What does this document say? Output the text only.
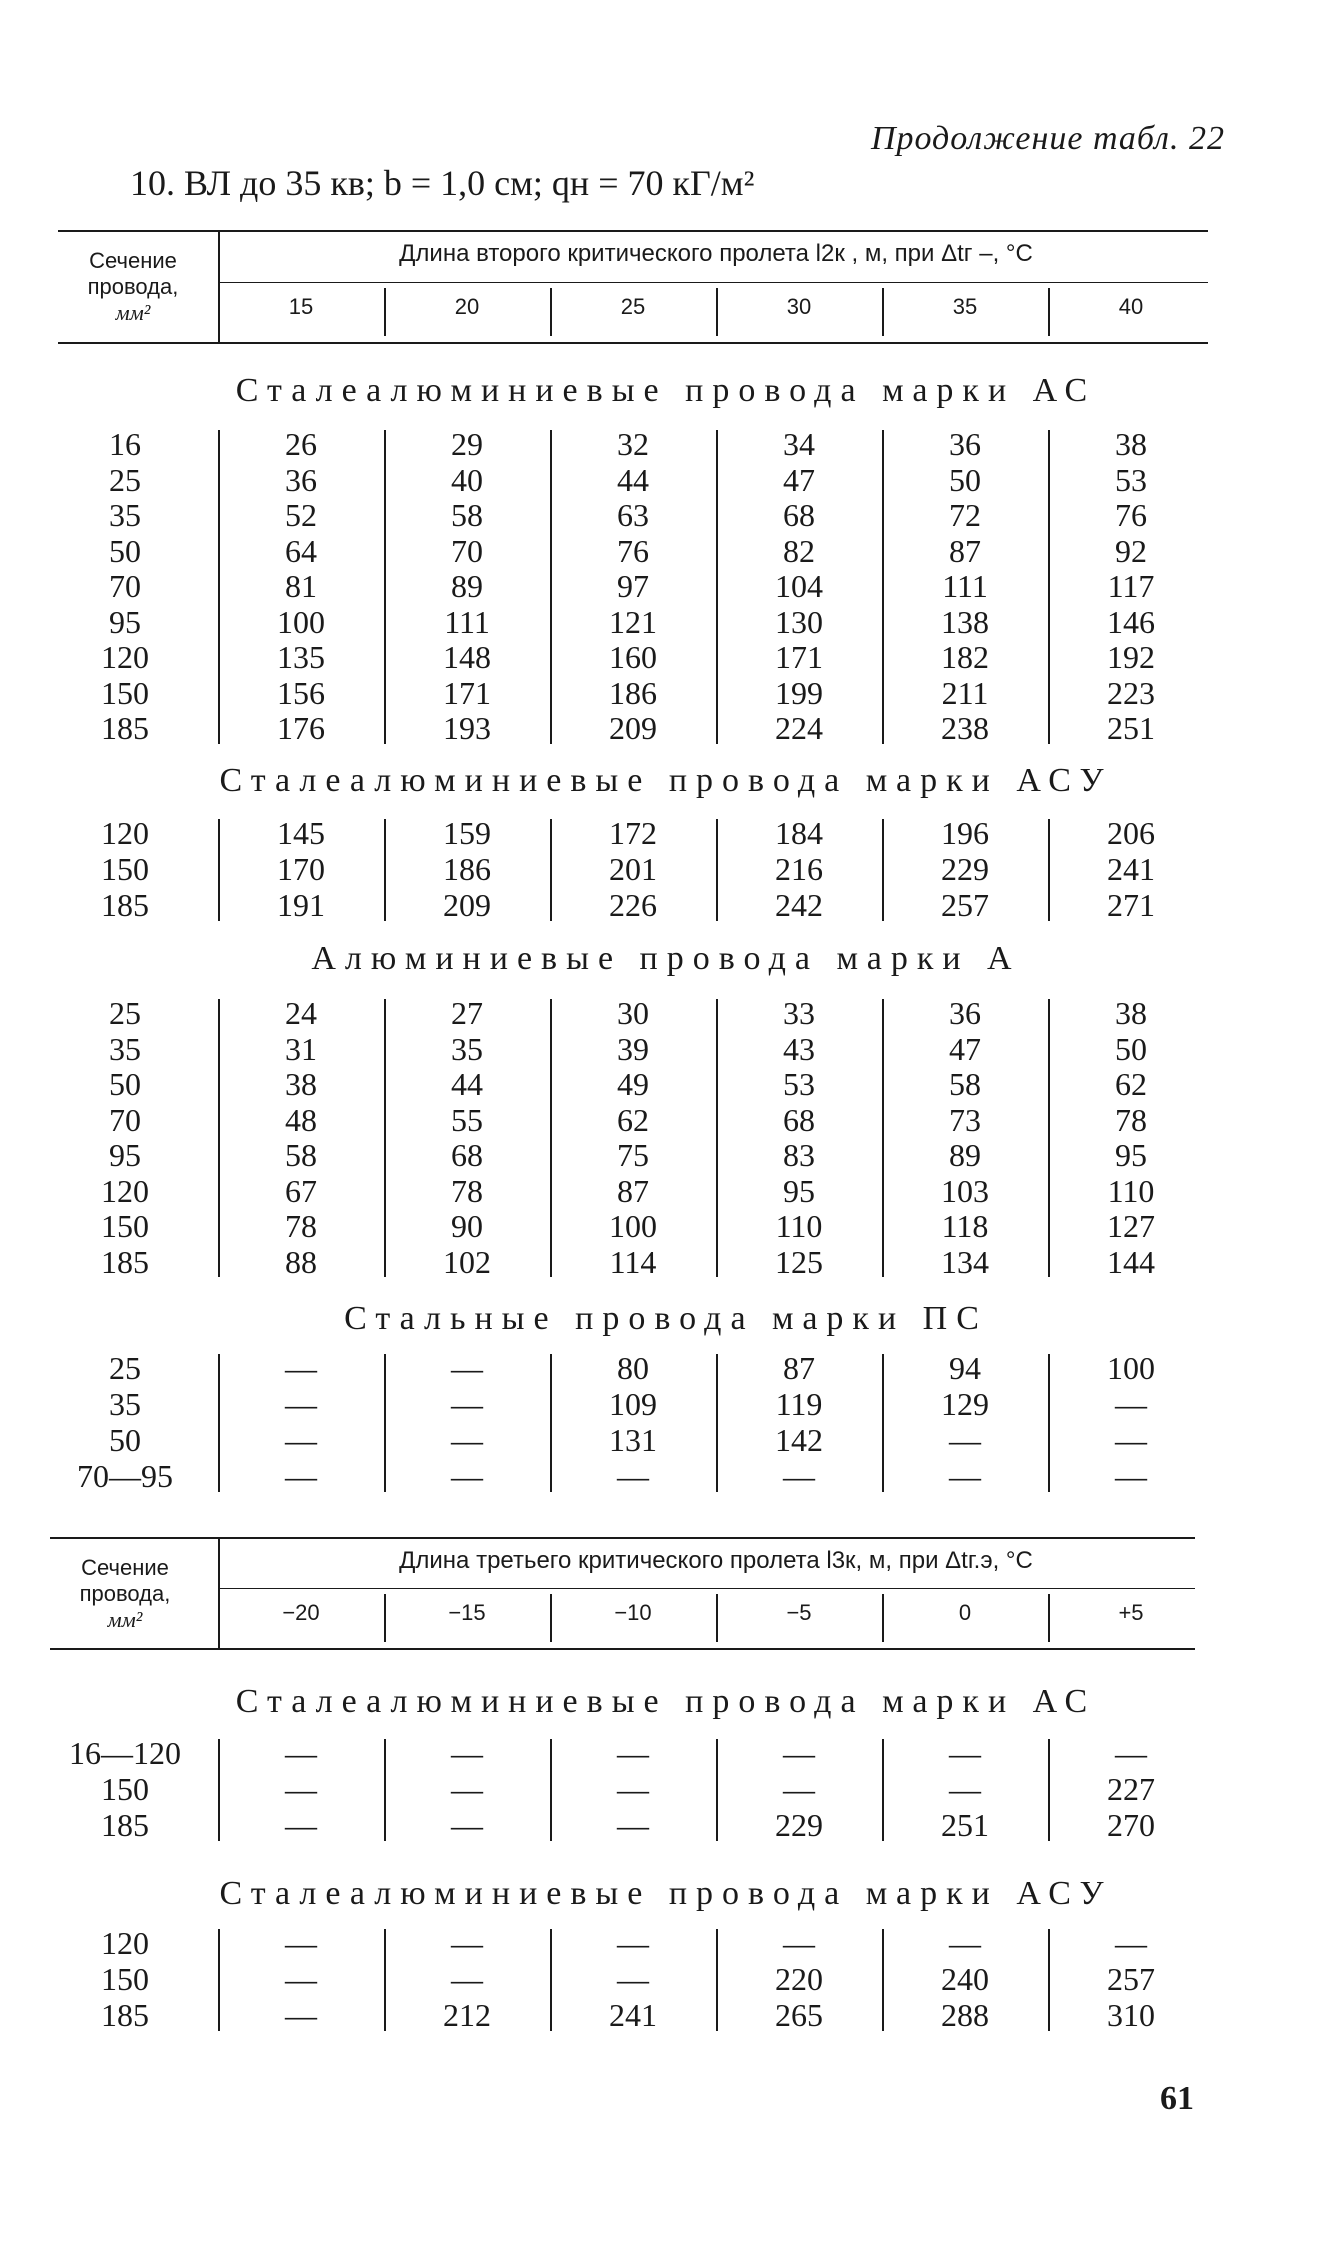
Продолжение табл. 22
10. ВЛ до 35 кв; b = 1,0 см; qн = 70 кГ/м²
Сечение
провода,
мм²
Длина второго критического пролета l2к , м, при Δtг –, °С
15	20	25	30	35	40
Сталеалюминиевые провода марки АС
16	26	29	32	34	36	38
25	36	40	44	47	50	53
35	52	58	63	68	72	76
50	64	70	76	82	87	92
70	81	89	97	104	111	117
95	100	111	121	130	138	146
120	135	148	160	171	182	192
150	156	171	186	199	211	223
185	176	193	209	224	238	251
Сталеалюминиевые провода марки АСУ
120	145	159	172	184	196	206
150	170	186	201	216	229	241
185	191	209	226	242	257	271
Алюминиевые провода марки А
25	24	27	30	33	36	38
35	31	35	39	43	47	50
50	38	44	49	53	58	62
70	48	55	62	68	73	78
95	58	68	75	83	89	95
120	67	78	87	95	103	110
150	78	90	100	110	118	127
185	88	102	114	125	134	144
Стальные провода марки ПС
25	—	—	80	87	94	100
35	—	—	109	119	129	—
50	—	—	131	142	—	—
70—95	—	—	—	—	—	—
Сечение
провода,
мм²
Длина третьего критического пролета l3к, м, при Δtг.э, °С
−20	−15	−10	−5	0	+5
Сталеалюминиевые провода марки АС
16—120	—	—	—	—	—	—
150	—	—	—	—	—	227
185	—	—	—	229	251	270
Сталеалюминиевые провода марки АСУ
120	—	—	—	—	—	—
150	—	—	—	220	240	257
185	—	212	241	265	288	310
61
